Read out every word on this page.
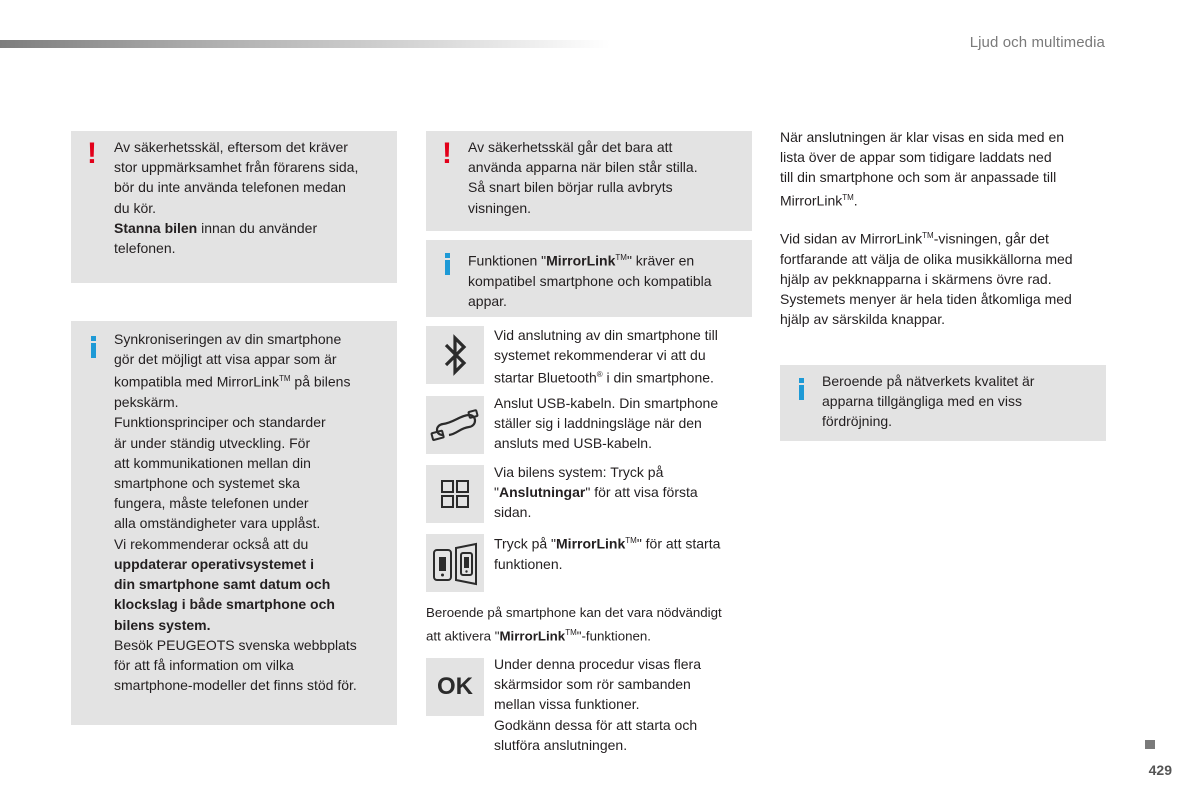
Ljud och multimedia
! Av säkerhetsskäl, eftersom det kräver
stor uppmärksamhet från förarens sida,
bör du inte använda telefonen medan
du kör.
Stanna bilen innan du använder
telefonen.
Synkroniseringen av din smartphone
gör det möjligt att visa appar som är
kompatibla med MirrorLink™ på bilens
pekskärm.
Funktionsprinciper och standarder
är under ständig utveckling. För
att kommunikationen mellan din
smartphone och systemet ska
fungera, måste telefonen under
alla omständigheter vara upplåst.
Vi rekommenderar också att du
uppdaterar operativsystemet i
din smartphone samt datum och
klockslag i både smartphone och
bilens system.
Besök PEUGEOTS svenska webbplats
för att få information om vilka
smartphone-modeller det finns stöd för.
! Av säkerhetsskäl går det bara att
använda apparna när bilen står stilla.
Så snart bilen börjar rulla avbryts
visningen.
Funktionen "MirrorLink™" kräver en
kompatibel smartphone och kompatibla
appar.
Vid anslutning av din smartphone till
systemet rekommenderar vi att du
startar Bluetooth® i din smartphone.
Anslut USB-kabeln. Din smartphone
ställer sig i laddningsläge när den
ansluts med USB-kabeln.
Via bilens system: Tryck på
"Anslutningar" för att visa första
sidan.
Tryck på "MirrorLink™" för att starta
funktionen.
Beroende på smartphone kan det vara nödvändigt
att aktivera "MirrorLink™"-funktionen.
OK
Under denna procedur visas flera
skärmsidor som rör sambanden
mellan vissa funktioner.
Godkänn dessa för att starta och
slutföra anslutningen.
När anslutningen är klar visas en sida med en
lista över de appar som tidigare laddats ned
till din smartphone och som är anpassade till
MirrorLink™.
Vid sidan av MirrorLink™-visningen, går det
fortfarande att välja de olika musikkällorna med
hjälp av pekknapparna i skärmens övre rad.
Systemets menyer är hela tiden åtkomliga med
hjälp av särskilda knappar.
Beroende på nätverkets kvalitet är
apparna tillgängliga med en viss
fördröjning.
429
